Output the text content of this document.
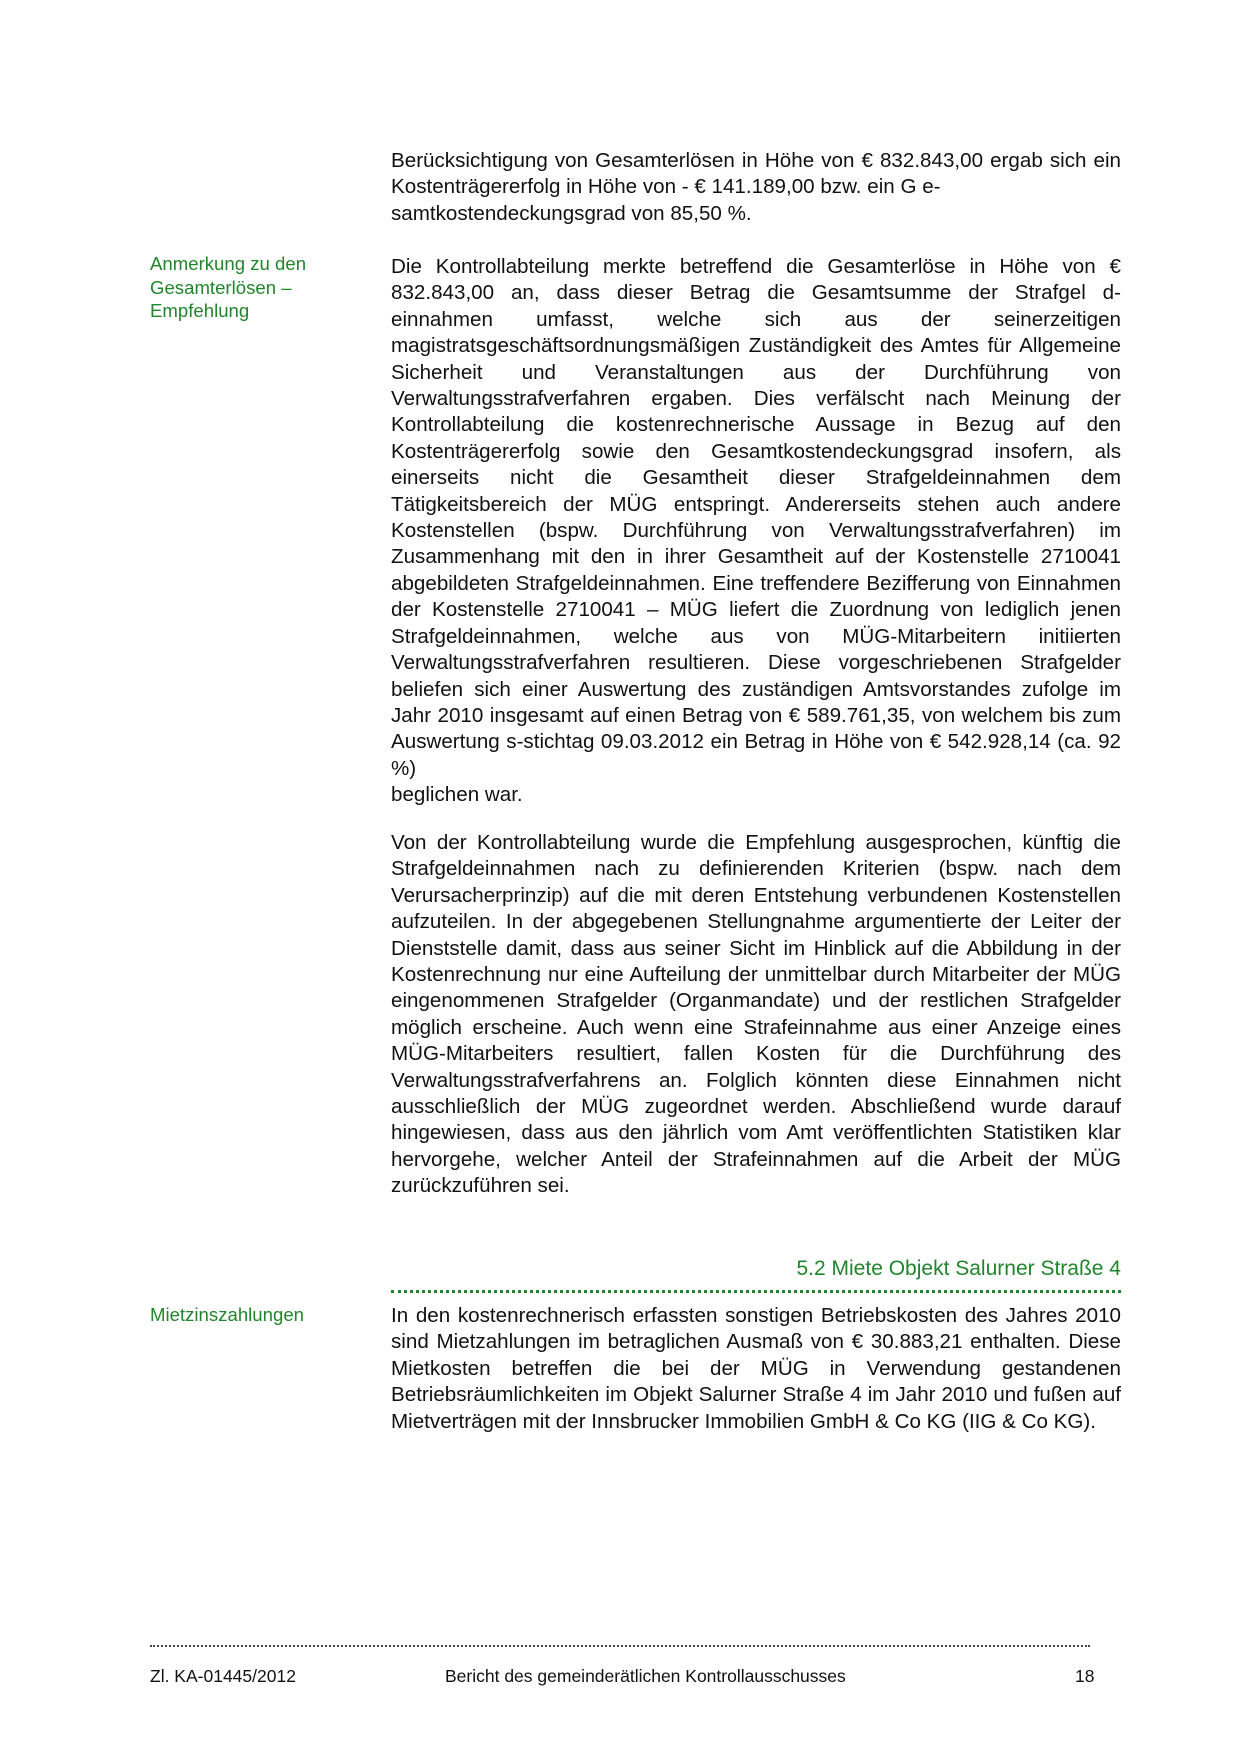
Berücksichtigung von Gesamterlösen in Höhe von € 832.843,00 ergab sich ein Kostenträgererfolg in Höhe von - € 141.189,00 bzw. ein G e-
samtkostendeckungsgrad von 85,50 %.

Anmerkung zu den
Gesamterlösen –
Empfehlung

Die Kontrollabteilung merkte betreffend die Gesamterlöse in Höhe von € 832.843,00 an, dass dieser Betrag die Gesamtsumme der Strafgel d-einnahmen umfasst, welche sich aus der seinerzeitigen magistratsgeschäftsordnungsmäßigen Zuständigkeit des Amtes für Allgemeine Sicherheit und Veranstaltungen aus der Durchführung von Verwaltungsstrafverfahren ergaben. Dies verfälscht nach Meinung der Kontrollabteilung die kostenrechnerische Aussage in Bezug auf den Kostenträgererfolg sowie den Gesamtkostendeckungsgrad insofern, als einerseits nicht die Gesamtheit dieser Strafgeldeinnahmen dem Tätigkeitsbereich der MÜG entspringt. Andererseits stehen auch andere Kostenstellen (bspw. Durchführung von Verwaltungsstrafverfahren) im Zusammenhang mit den in ihrer Gesamtheit auf der Kostenstelle 2710041 abgebildeten Strafgeldeinnahmen. Eine treffendere Bezifferung von Einnahmen der Kostenstelle 2710041 – MÜG liefert die Zuordnung von lediglich jenen Strafgeldeinnahmen, welche aus von MÜG-Mitarbeitern initiierten Verwaltungsstrafverfahren resultieren. Diese vorgeschriebenen Strafgelder beliefen sich einer Auswertung des zuständigen Amtsvorstandes zufolge im Jahr 2010 insgesamt auf einen Betrag von € 589.761,35, von welchem bis zum Auswertung s-stichtag 09.03.2012 ein Betrag in Höhe von € 542.928,14 (ca. 92 %)
beglichen war.

Von der Kontrollabteilung wurde die Empfehlung ausgesprochen, künftig die Strafgeldeinnahmen nach zu definierenden Kriterien (bspw. nach dem Verursacherprinzip) auf die mit deren Entstehung verbundenen Kostenstellen aufzuteilen. In der abgegebenen Stellungnahme argumentierte der Leiter der Dienststelle damit, dass aus seiner Sicht im Hinblick auf die Abbildung in der Kostenrechnung nur eine Aufteilung der unmittelbar durch Mitarbeiter der MÜG eingenommenen Strafgelder (Organmandate) und der restlichen Strafgelder möglich erscheine. Auch wenn eine Strafeinnahme aus einer Anzeige eines MÜG-Mitarbeiters resultiert, fallen Kosten für die Durchführung des Verwaltungsstrafverfahrens an. Folglich könnten diese Einnahmen nicht ausschließlich der MÜG zugeordnet werden. Abschließend wurde darauf hingewiesen, dass aus den jährlich vom Amt veröffentlichten Statistiken klar hervorgehe, welcher Anteil der Strafeinnahmen auf die Arbeit der MÜG zurückzuführen sei.

5.2 Miete Objekt Salurner Straße 4
Mietzinszahlungen	In den kostenrechnerisch erfassten sonstigen Betriebskosten des Jahres 2010 sind Mietzahlungen im betraglichen Ausmaß von € 30.883,21 enthalten. Diese Mietkosten betreffen die bei der MÜG in Verwendung gestandenen Betriebsräumlichkeiten im Objekt Salurner Straße 4 im Jahr 2010 und fußen auf Mietverträgen mit der Innsbrucker Immobilien GmbH & Co KG (IIG & Co KG).

Zl. KA-01445/2012	Bericht des gemeinderätlichen Kontrollausschusses	18
